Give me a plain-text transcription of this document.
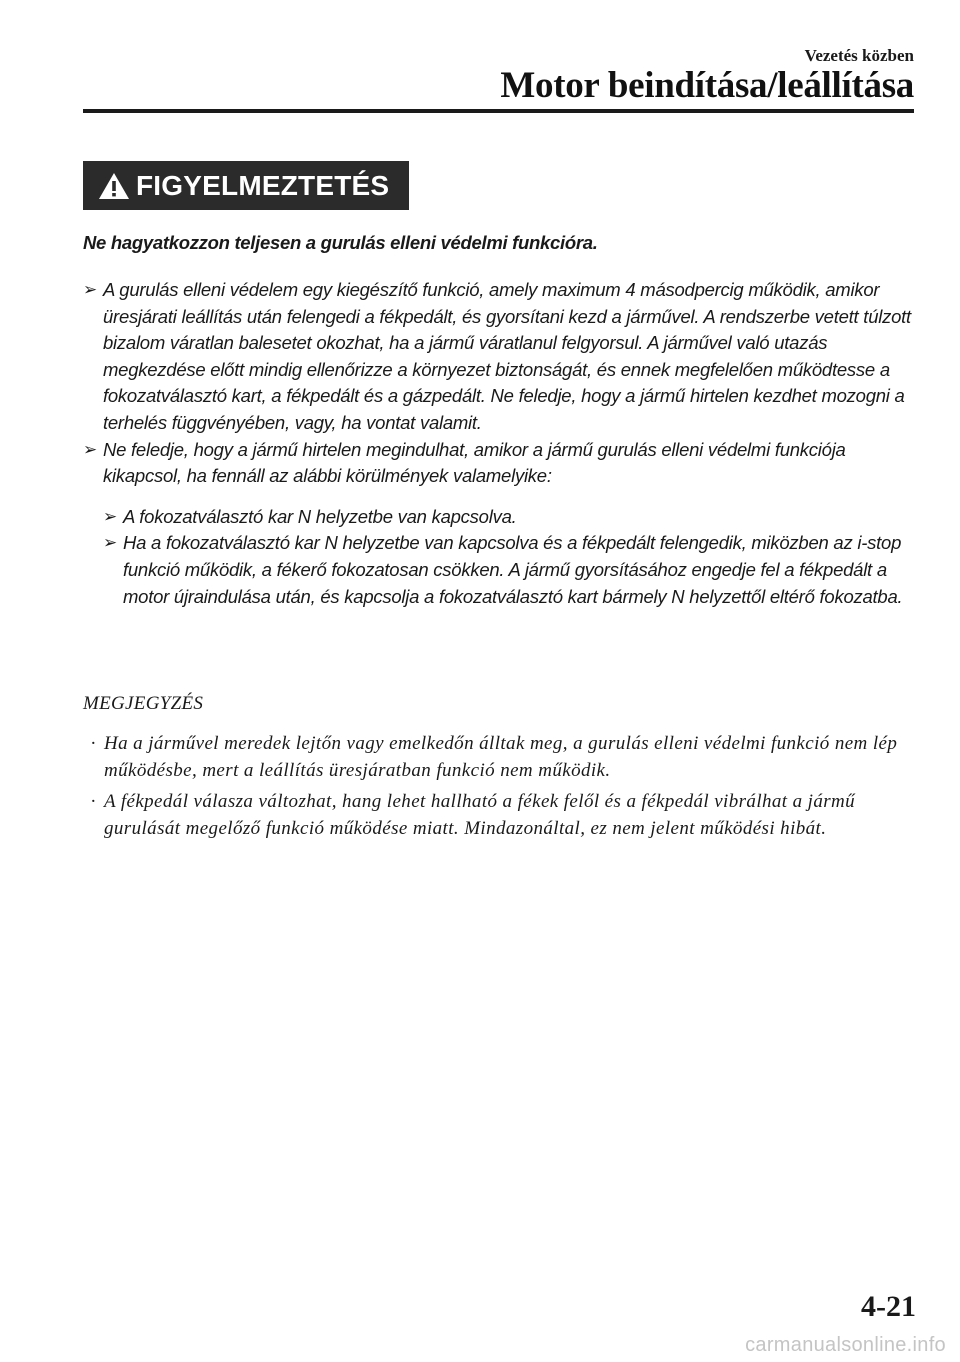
Vezetés közben
Motor beindítása/leállítása
FIGYELMEZTETÉS
Ne hagyatkozzon teljesen a gurulás elleni védelmi funkcióra.
➢ A gurulás elleni védelem egy kiegészítő funkció, amely maximum 4 másodpercig működik, amikor üresjárati leállítás után felengedi a fékpedált, és gyorsítani kezd a járművel. A rendszerbe vetett túlzott bizalom váratlan balesetet okozhat, ha a jármű váratlanul felgyorsul. A járművel való utazás megkezdése előtt mindig ellenőrizze a környezet biztonságát, és ennek megfelelően működtesse a fokozatválasztó kart, a fékpedált és a gázpedált. Ne feledje, hogy a jármű hirtelen kezdhet mozogni a terhelés függvényében, vagy, ha vontat valamit.
➢ Ne feledje, hogy a jármű hirtelen megindulhat, amikor a jármű gurulás elleni védelmi funkciója kikapcsol, ha fennáll az alábbi körülmények valamelyike:
➢ A fokozatválasztó kar N helyzetbe van kapcsolva.
➢ Ha a fokozatválasztó kar N helyzetbe van kapcsolva és a fékpedált felengedik, miközben az i-stop funkció működik, a fékerő fokozatosan csökken. A jármű gyorsításához engedje fel a fékpedált a motor újraindulása után, és kapcsolja a fokozatválasztó kart bármely N helyzettől eltérő fokozatba.
MEGJEGYZÉS
· Ha a járművel meredek lejtőn vagy emelkedőn álltak meg, a gurulás elleni védelmi funkció nem lép működésbe, mert a leállítás üresjáratban funkció nem működik.
· A fékpedál válasza változhat, hang lehet hallható a fékek felől és a fékpedál vibrálhat a jármű gurulását megelőző funkció működése miatt. Mindazonáltal, ez nem jelent működési hibát.
4-21
carmanualsonline.info
